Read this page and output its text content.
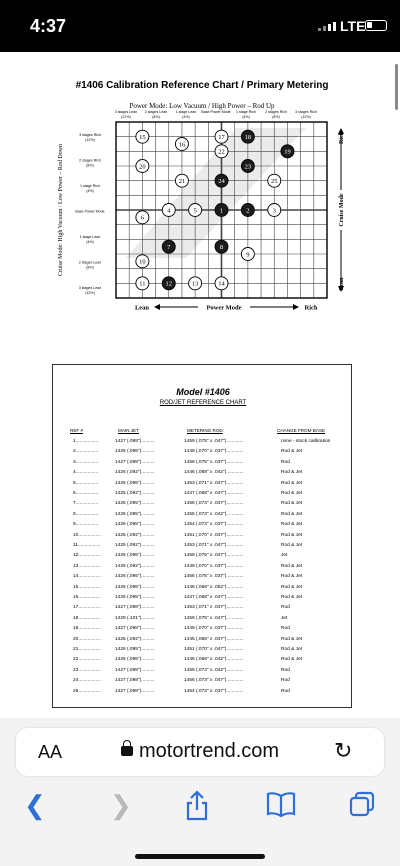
4:37	LTE
#1406 Calibration Reference Chart / Primary Metering
Power Mode: Low Vacuum / High Power – Rod Up
3 stages Lean
(12%)
2 stages Lean
(8%)
1 stage Lean
(4%)
Base Power Mode 1 stage Rich
(4%)
2 stages Rich
(8%)
3 stages Rich
(12%)
3 stages Rich
(12%)
2 stages Rich
(8%)
1 stage Rich
(4%)
Base Power Mode
1 stage Lean
(4%)
2 stages Lean
(8%)
3 stages Lean
(12%)
Cruise Mode: High Vacuum / Low Power – Rod Down	Cruise Mode
Rich
Lean
Lean	Power Mode	Rich
1	2	3
4	5
6
7	8
9
10
11	12	13	14
15
16
17	18
19
20
21
22
23
24	25
Model #1406
ROD/JET REFERENCE CHART
REF #	MAIN JET	METERING ROD	CHANGE FROM BASE
1.................	1427 (.098")..........	1459 (.075" x .047").............	none - stock calibration
2.................	1426 (.095")..........	1449 (.070" x .037").............	Rod & Jet
3.................	1427 (.098")..........	1458 (.075" x .037").............	Rod
4.................	1425 (.092")..........	1446 (.068" x .042").............	Rod & Jet
5.................	1426 (.095")..........	1453 (.071" x .047").............	Rod & Jet
6.................	1425 (.092")..........	1447 (.068" x .047").............	Rod & Jet
7.................	1426 (.095")..........	1456 (.073" x .047").............	Rod & Jet
8.................	1426 (.095")..........	1455 (.073" x .042").............	Rod & Jet
9.................	1426 (.095")..........	1454 (.073" x .037").............	Rod & Jet
10.................	1425 (.092")..........	1451 (.070" x .047").............	Rod & Jet
11.................	1425 (.092")..........	1453 (.071" x .047").............	Rod & Jet
12.................	1426 (.095")..........	1459 (.075" x .047").............	Jet
13.................	1425 (.092")..........	1449 (.070" x .037").............	Rod & Jet
14.................	1426 (.095")..........	1458 (.075" x .037").............	Rod & Jet
15.................	1426 (.095")..........	1448 (.068" x .052").............	Rod & Jet
16.................	1426 (.095")..........	1447 (.068" x .047").............	Rod & Jet
17.................	1427 (.098")..........	1453 (.071" x .047").............	Rod
18.................	1429 (.101")..........	1459 (.075" x .047").............	Jet
19.................	1427 (.098")..........	1449 (.070" x .037").............	Rod
20.................	1425 (.092")..........	1445 (.065" x .047").............	Rod & Jet
21.................	1426 (.095")..........	1451 (.070" x .047").............	Rod & Jet
22.................	1426 (.095")..........	1446 (.068" x .042").............	Rod & Jet
23.................	1427 (.098")..........	1455 (.073" x .042").............	Rod
24.................	1427 (.098")..........	1456 (.073" x .047").............	Rod
25.................	1427 (.098")..........	1454 (.073" x .037").............	Rod
AA	motortrend.com ↻
❮ ❯
